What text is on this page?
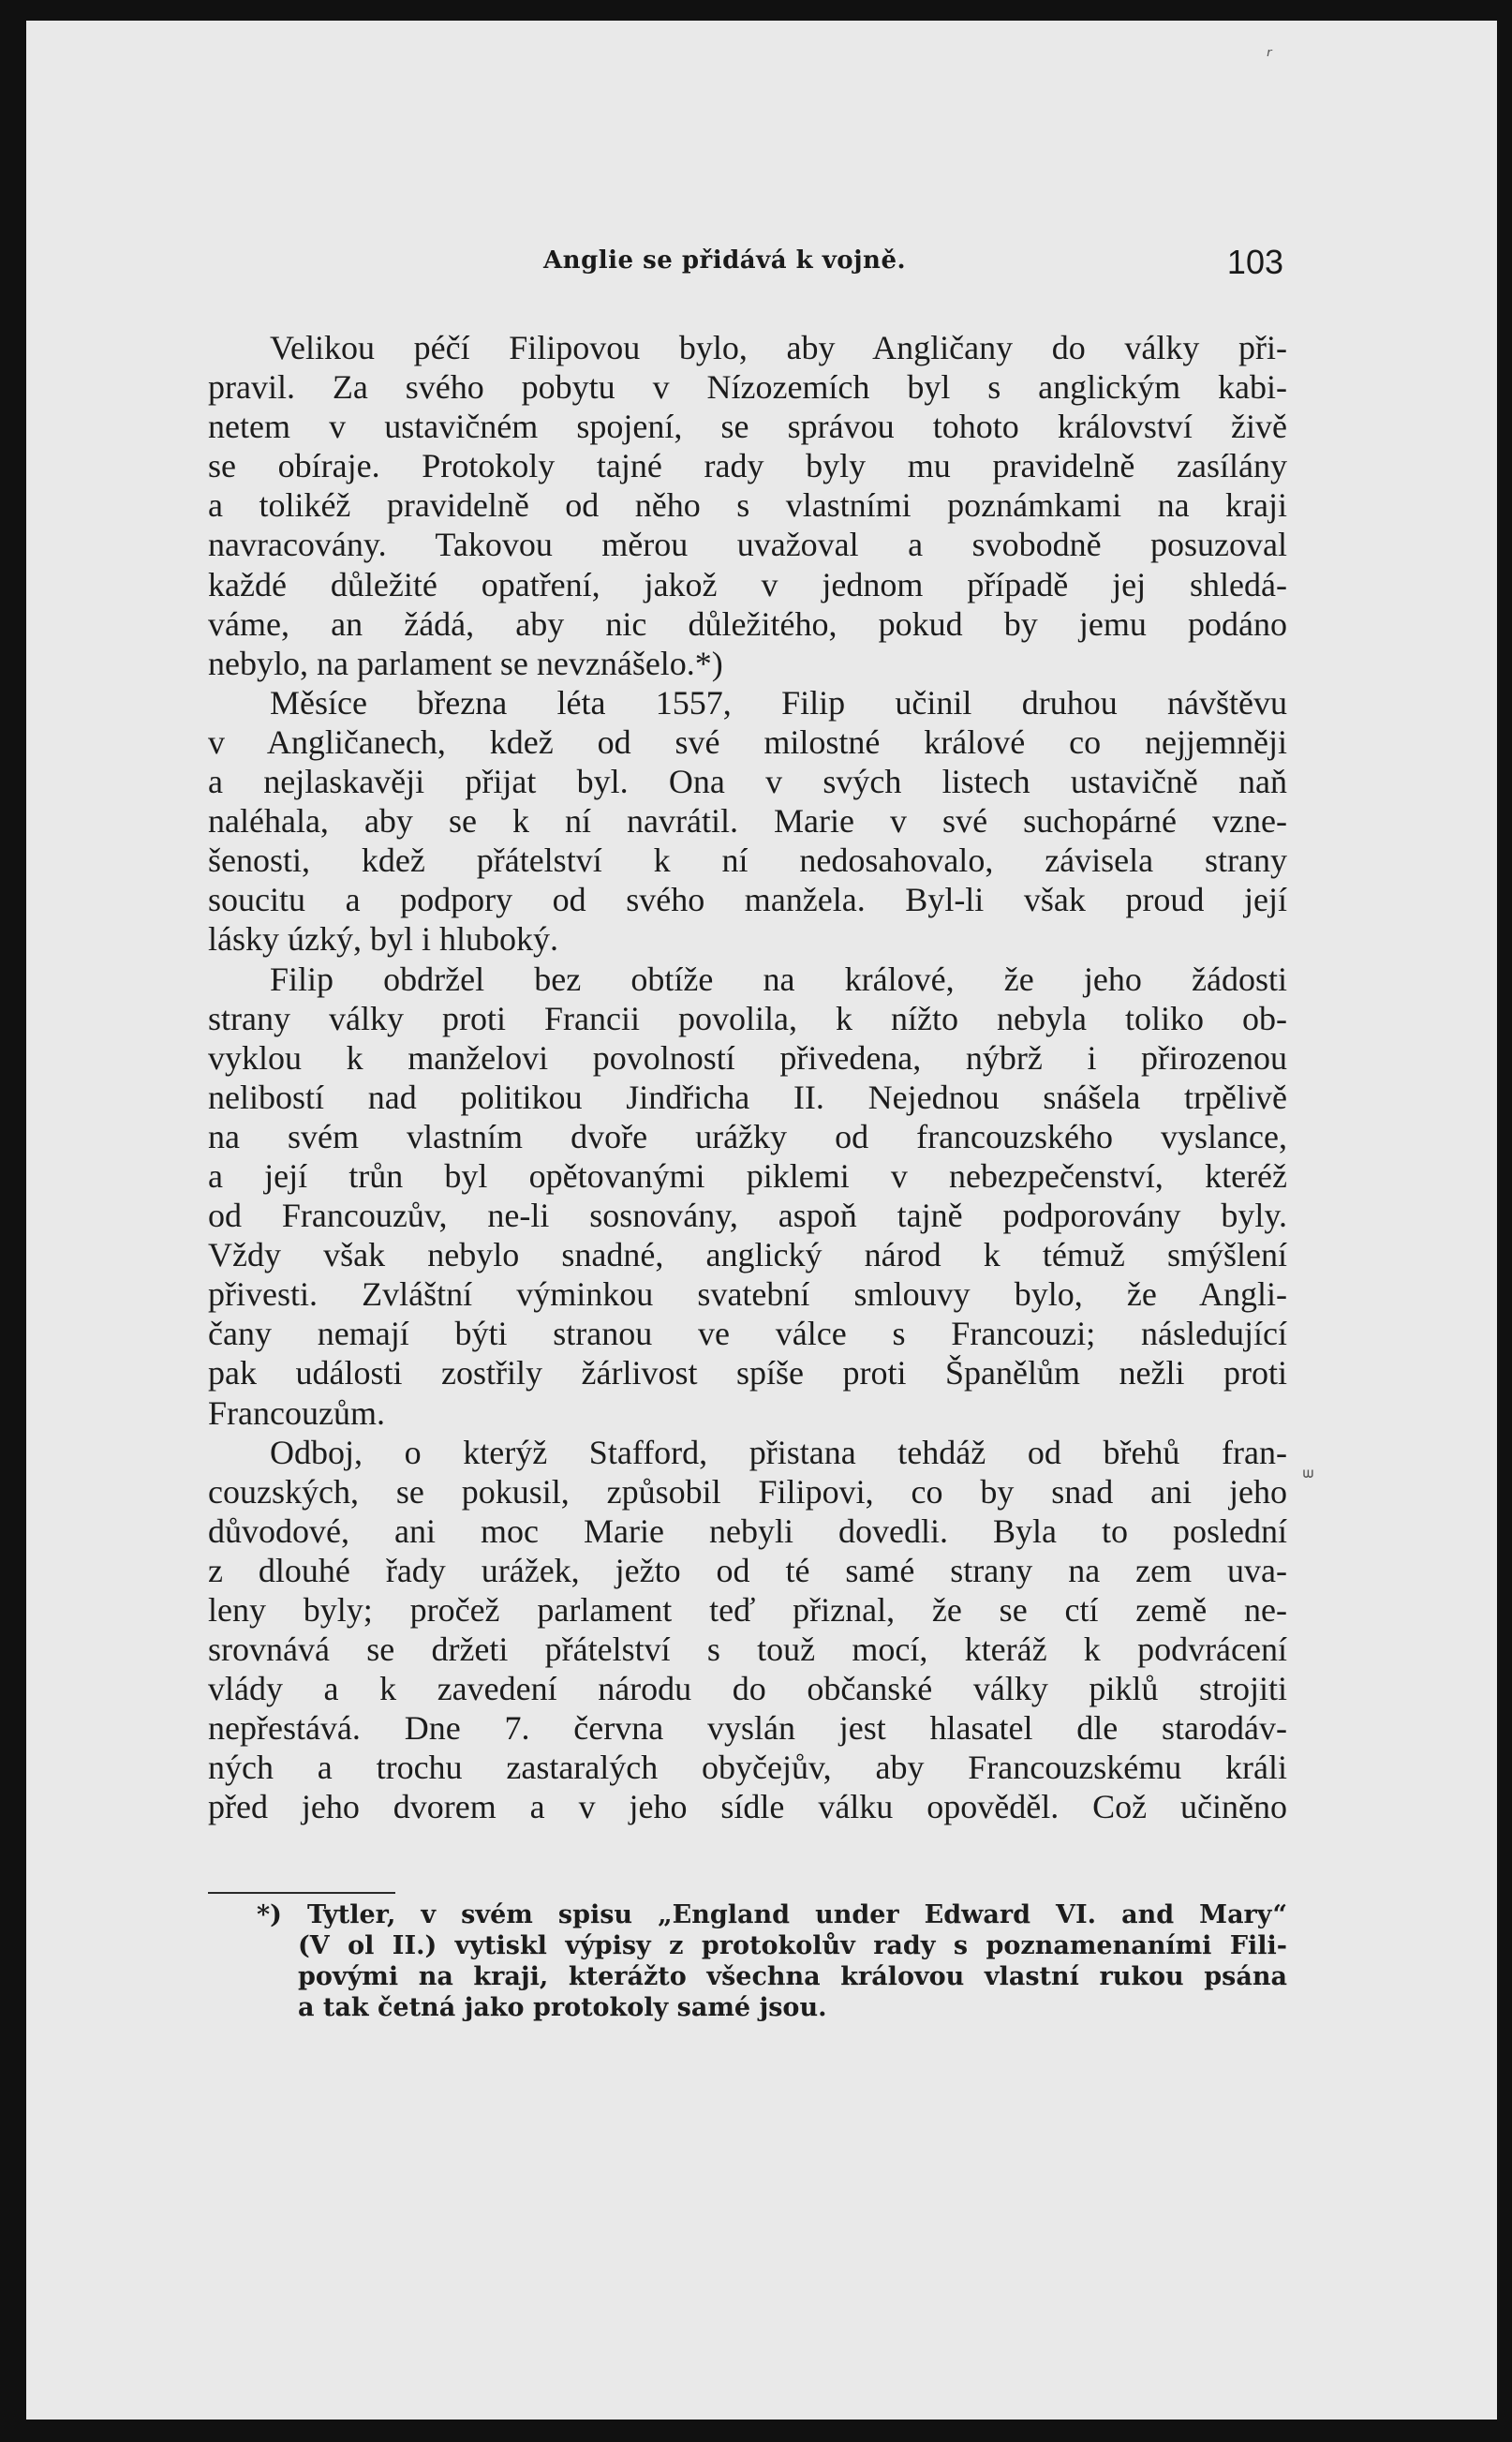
Anglie se přidává k vojně.	103
Velikou péčí Filipovou bylo, aby Angličany do války při-
pravil. Za svého pobytu v Nízozemích byl s anglickým kabi-
netem v ustavičném spojení, se správou tohoto království živě
se obíraje. Protokoly tajné rady byly mu pravidelně zasílány
a tolikéž pravidelně od něho s vlastními poznámkami na kraji
navracovány. Takovou měrou uvažoval a svobodně posuzoval
každé důležité opatření, jakož v jednom případě jej shledá-
váme, an žádá, aby nic důležitého, pokud by jemu podáno
nebylo, na parlament se nevznášelo.*)
Měsíce března léta 1557, Filip učinil druhou návštěvu
v Angličanech, kdež od své milostné králové co nejjemněji
a nejlaskavěji přijat byl. Ona v svých listech ustavičně naň
naléhala, aby se k ní navrátil. Marie v své suchopárné vzne-
šenosti, kdež přátelství k ní nedosahovalo, závisela strany
soucitu a podpory od svého manžela. Byl-li však proud její
lásky úzký, byl i hluboký.
Filip obdržel bez obtíže na králové, že jeho žádosti
strany války proti Francii povolila, k nížto nebyla toliko ob-
vyklou k manželovi povolností přivedena, nýbrž i přirozenou
nelibostí nad politikou Jindřicha II. Nejednou snášela trpělivě
na svém vlastním dvoře urážky od francouzského vyslance,
a její trůn byl opětovanými piklemi v nebezpečenství, kteréž
od Francouzův, ne-li sosnovány, aspoň tajně podporovány byly.
Vždy však nebylo snadné, anglický národ k témuž smýšlení
přivesti. Zvláštní výminkou svatební smlouvy bylo, že Angli-
čany nemají býti stranou ve válce s Francouzi; následující
pak události zostřily žárlivost spíše proti Španělům nežli proti
Francouzům.
Odboj, o kterýž Stafford, přistana tehdáž od břehů fran-
couzských, se pokusil, způsobil Filipovi, co by snad ani jeho
důvodové, ani moc Marie nebyli dovedli. Byla to poslední
z dlouhé řady urážek, ježto od té samé strany na zem uva-
leny byly; pročež parlament teď přiznal, že se ctí země ne-
srovnává se držeti přátelství s touž mocí, kteráž k podvrácení
vlády a k zavedení národu do občanské války piklů strojiti
nepřestává. Dne 7. června vyslán jest hlasatel dle starodáv-
ných a trochu zastaralých obyčejův, aby Francouzskému králi
před jeho dvorem a v jeho sídle válku opověděl. Což učiněno
*) Tytler, v svém spisu „England under Edward VI. and Mary“
(V ol II.) vytiskl výpisy z protokolův rady s poznamenaními Fili-
povými na kraji, kterážto všechna královou vlastní rukou psána
a tak četná jako protokoly samé jsou.
ʳ
ᐜ
